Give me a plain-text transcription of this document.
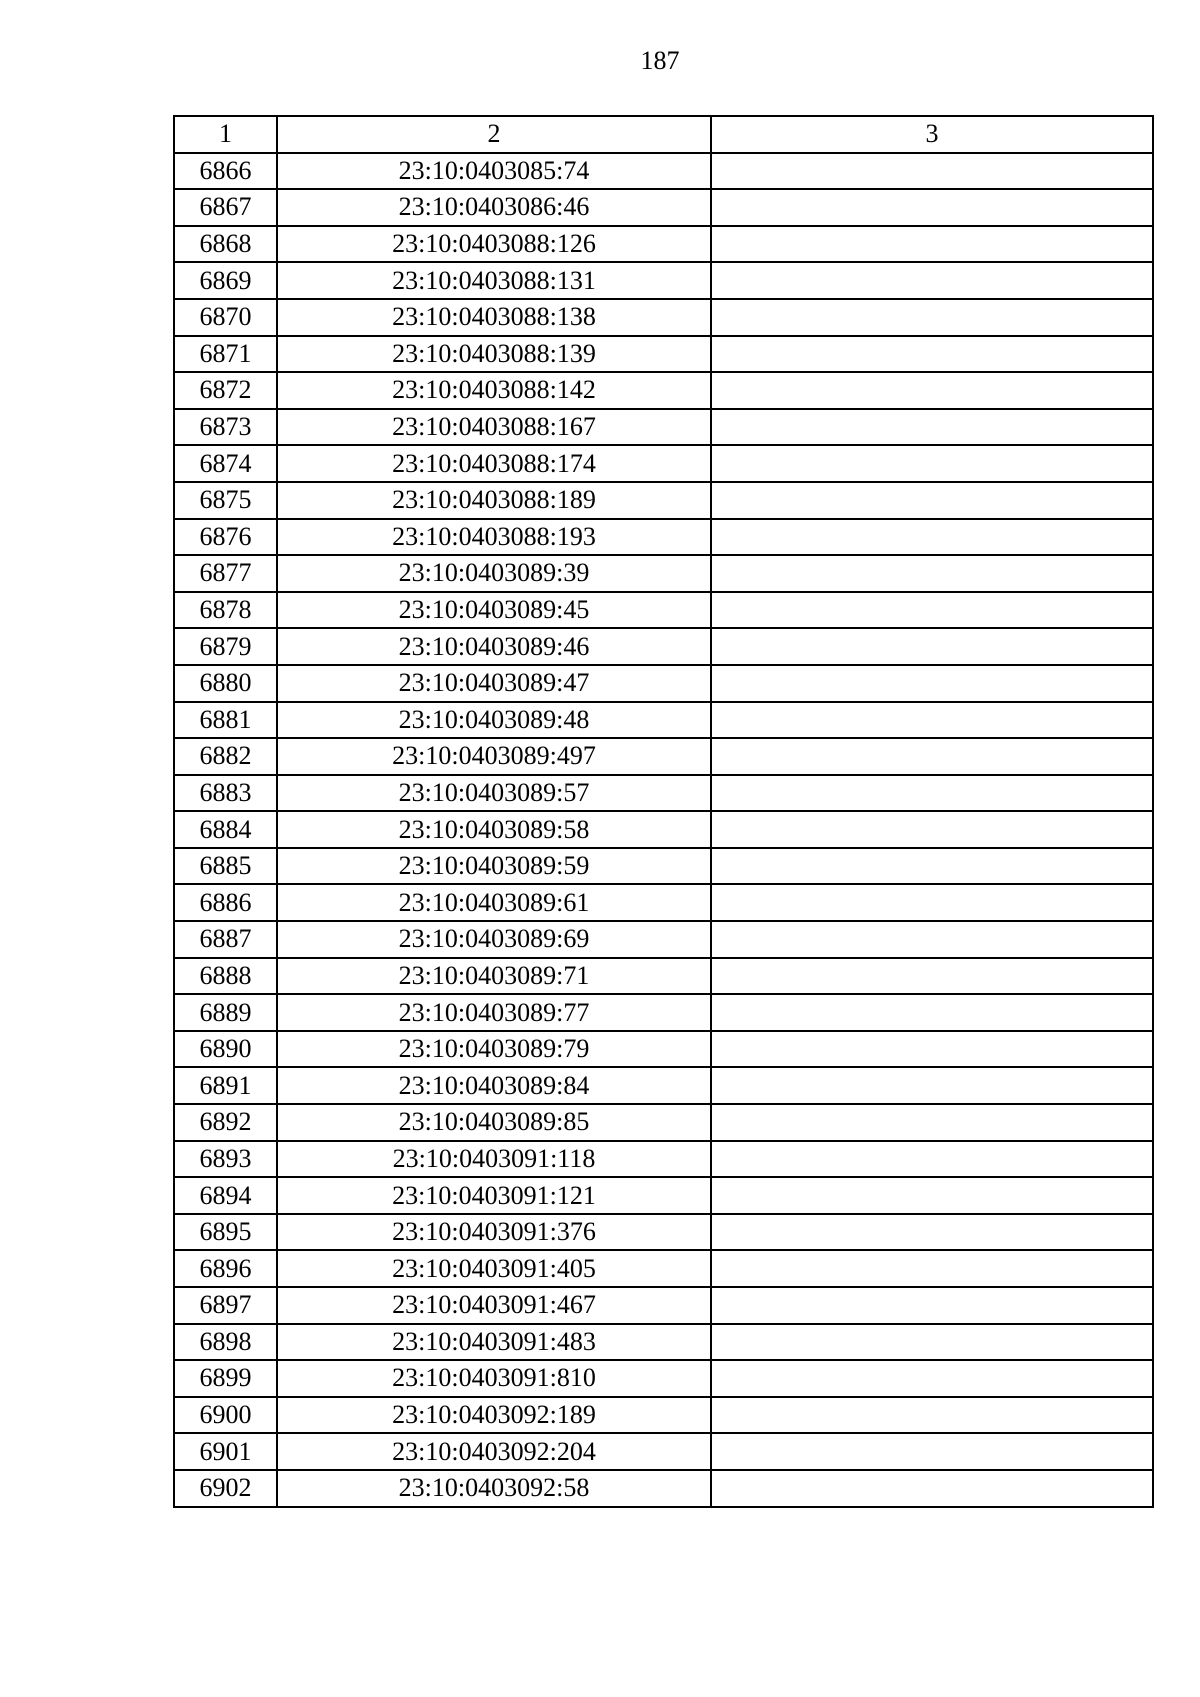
187
1	2	3
6866	23:10:0403085:74	
6867	23:10:0403086:46	
6868	23:10:0403088:126	
6869	23:10:0403088:131	
6870	23:10:0403088:138	
6871	23:10:0403088:139	
6872	23:10:0403088:142	
6873	23:10:0403088:167	
6874	23:10:0403088:174	
6875	23:10:0403088:189	
6876	23:10:0403088:193	
6877	23:10:0403089:39	
6878	23:10:0403089:45	
6879	23:10:0403089:46	
6880	23:10:0403089:47	
6881	23:10:0403089:48	
6882	23:10:0403089:497	
6883	23:10:0403089:57	
6884	23:10:0403089:58	
6885	23:10:0403089:59	
6886	23:10:0403089:61	
6887	23:10:0403089:69	
6888	23:10:0403089:71	
6889	23:10:0403089:77	
6890	23:10:0403089:79	
6891	23:10:0403089:84	
6892	23:10:0403089:85	
6893	23:10:0403091:118	
6894	23:10:0403091:121	
6895	23:10:0403091:376	
6896	23:10:0403091:405	
6897	23:10:0403091:467	
6898	23:10:0403091:483	
6899	23:10:0403091:810	
6900	23:10:0403092:189	
6901	23:10:0403092:204	
6902	23:10:0403092:58	
